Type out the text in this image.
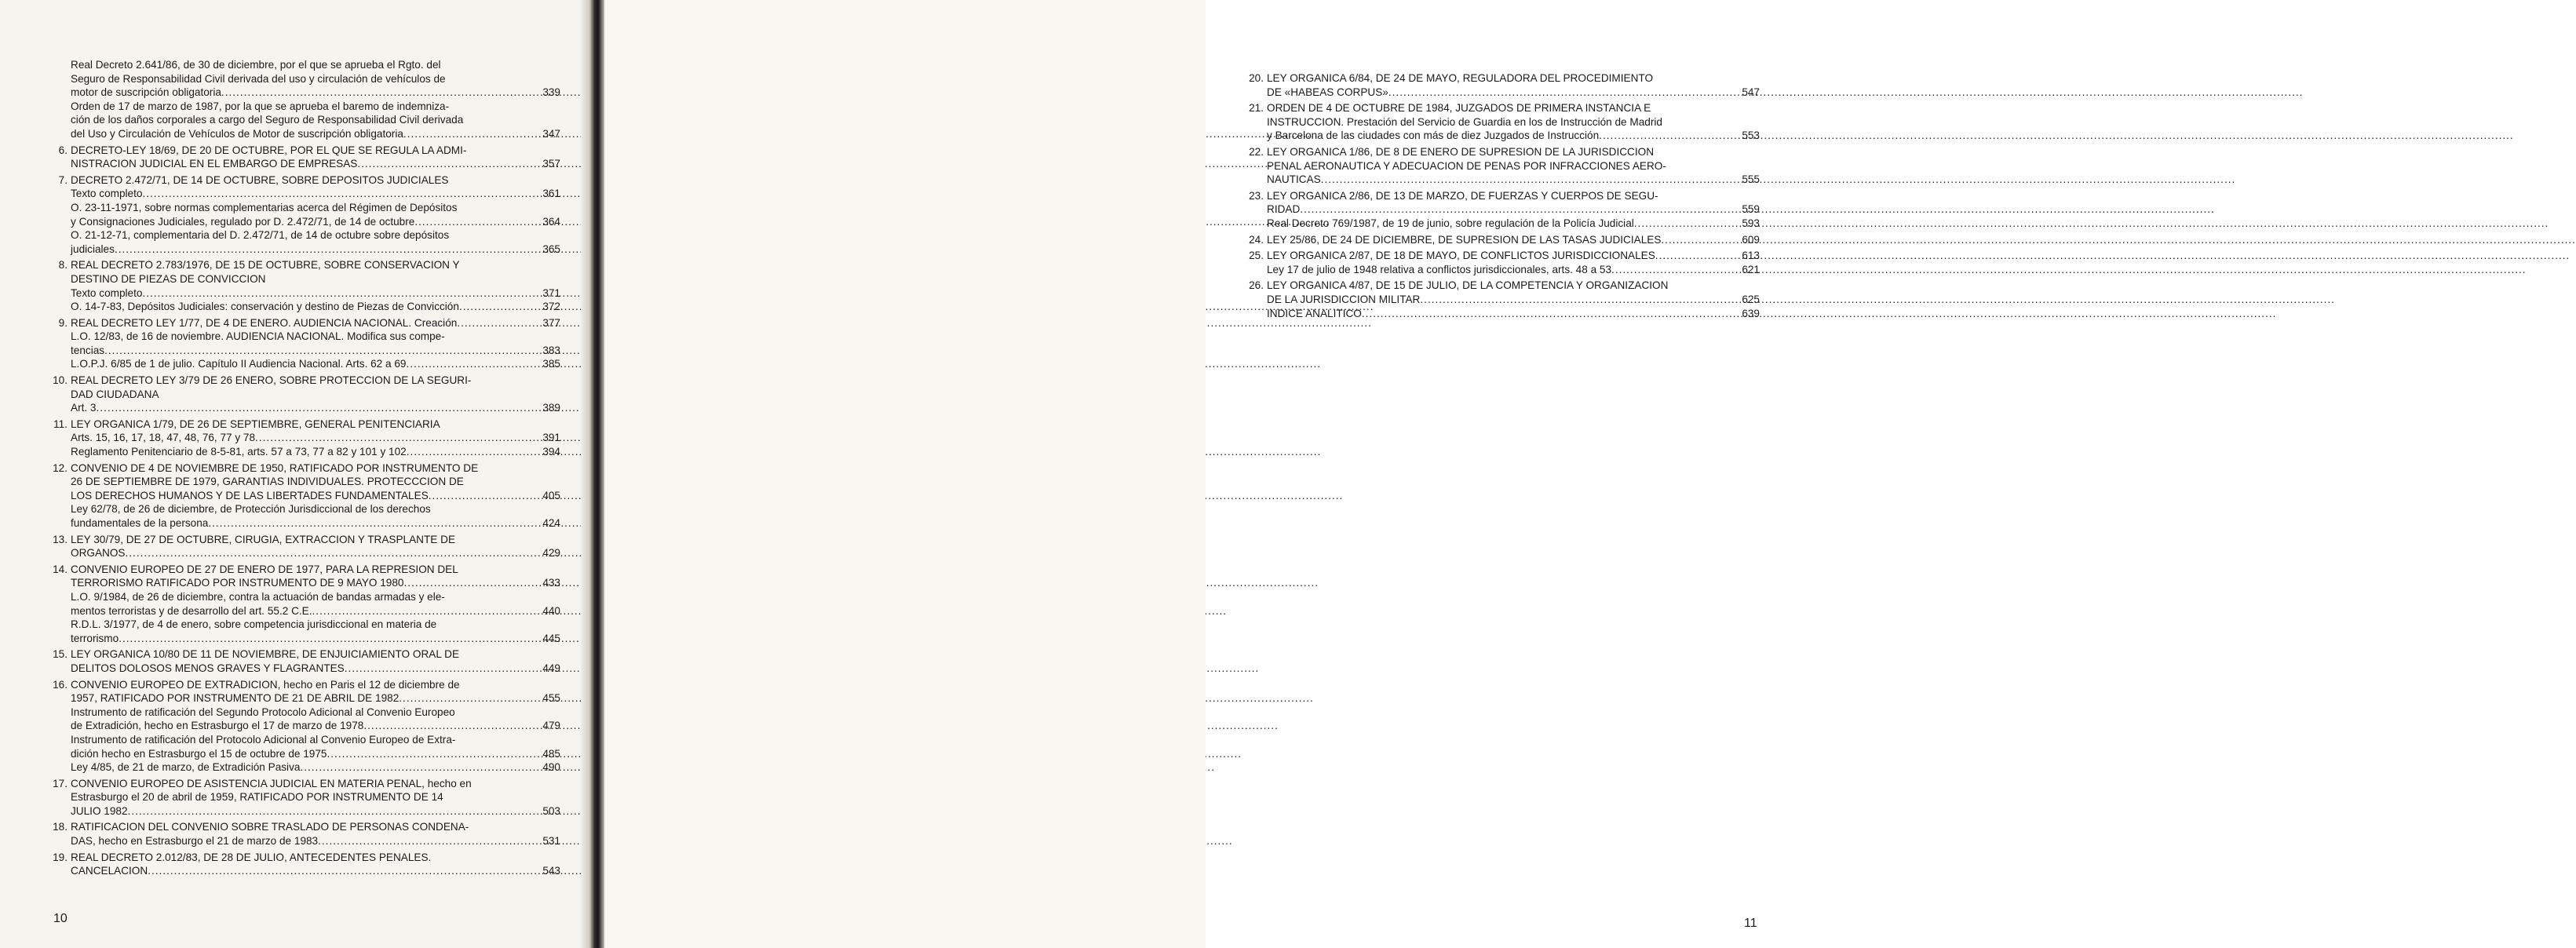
Real Decreto 2.641/86, de 30 de diciembre, por el que se aprueba el Rgto. del
Seguro de Responsabilidad Civil derivada del uso y circulación de vehículos de
motor de suscripción obligatoria .....	339
Orden de 17 de marzo de 1987, por la que se aprueba el baremo de indemniza-
ción de los daños corporales a cargo del Seguro de Responsabilidad Civil derivada
del Uso y Circulación de Vehículos de Motor de suscripción obligatoria .....	347
6. DECRETO-LEY 18/69, DE 20 DE OCTUBRE, POR EL QUE SE REGULA LA ADMI-
NISTRACION JUDICIAL EN EL EMBARGO DE EMPRESAS .....	357
7. DECRETO 2.472/71, DE 14 DE OCTUBRE, SOBRE DEPOSITOS JUDICIALES
Texto completo .....	361
O. 23-11-1971, sobre normas complementarias acerca del Régimen de Depósitos
y Consignaciones Judiciales, regulado por D. 2.472/71, de 14 de octubre .....	364
O. 21-12-71, complementaria del D. 2.472/71, de 14 de octubre sobre depósitos
judiciales .....	365
8. REAL DECRETO 2.783/1976, DE 15 DE OCTUBRE, SOBRE CONSERVACION Y
DESTINO DE PIEZAS DE CONVICCION
Texto completo .....	371
O. 14-7-83, Depósitos Judiciales: conservación y destino de Piezas de Convicción .....	372
9. REAL DECRETO LEY 1/77, DE 4 DE ENERO. AUDIENCIA NACIONAL. Creación .....	377
L.O. 12/83, de 16 de noviembre. AUDIENCIA NACIONAL. Modifica sus compe-
tencias .....	383
L.O.P.J. 6/85 de 1 de julio. Capítulo II Audiencia Nacional. Arts. 62 a 69 .....	385
10. REAL DECRETO LEY 3/79 DE 26 ENERO, SOBRE PROTECCION DE LA SEGURI-
DAD CIUDADANA
Art. 3 .....	389
11. LEY ORGANICA 1/79, DE 26 DE SEPTIEMBRE, GENERAL PENITENCIARIA
Arts. 15, 16, 17, 18, 47, 48, 76, 77 y 78 .....	391
Reglamento Penitenciario de 8-5-81, arts. 57 a 73, 77 a 82 y 101 y 102 .....	394
12. CONVENIO DE 4 DE NOVIEMBRE DE 1950, RATIFICADO POR INSTRUMENTO DE
26 DE SEPTIEMBRE DE 1979, GARANTIAS INDIVIDUALES. PROTECCCION DE
LOS DERECHOS HUMANOS Y DE LAS LIBERTADES FUNDAMENTALES .....	405
Ley 62/78, de 26 de diciembre, de Protección Jurisdiccional de los derechos
fundamentales de la persona .....	424
13. LEY 30/79, DE 27 DE OCTUBRE, CIRUGIA, EXTRACCION Y TRASPLANTE DE
ORGANOS .....	429
14. CONVENIO EUROPEO DE 27 DE ENERO DE 1977, PARA LA REPRESION DEL
TERRORISMO RATIFICADO POR INSTRUMENTO DE 9 MAYO 1980 .....	433
L.O. 9/1984, de 26 de diciembre, contra la actuación de bandas armadas y ele-
mentos terroristas y de desarrollo del art. 55.2 C.E. .....	440
R.D.L. 3/1977, de 4 de enero, sobre competencia jurisdiccional en materia de
terrorismo .....	445
15. LEY ORGANICA 10/80 DE 11 DE NOVIEMBRE, DE ENJUICIAMIENTO ORAL DE
DELITOS DOLOSOS MENOS GRAVES Y FLAGRANTES .....	449
16. CONVENIO EUROPEO DE EXTRADICION, hecho en Paris el 12 de diciembre de
1957, RATIFICADO POR INSTRUMENTO DE 21 DE ABRIL DE 1982 .....	455
Instrumento de ratificación del Segundo Protocolo Adicional al Convenio Europeo
de Extradición, hecho en Estrasburgo el 17 de marzo de 1978 .....	479
Instrumento de ratificación del Protocolo Adicional al Convenio Europeo de Extra-
dición hecho en Estrasburgo el 15 de octubre de 1975 .....	485
Ley 4/85, de 21 de marzo, de Extradición Pasiva .....	490
17. CONVENIO EUROPEO DE ASISTENCIA JUDICIAL EN MATERIA PENAL, hecho en
Estrasburgo el 20 de abril de 1959, RATIFICADO POR INSTRUMENTO DE 14
JULIO 1982 .....	503
18. RATIFICACION DEL CONVENIO SOBRE TRASLADO DE PERSONAS CONDENA-
DAS, hecho en Estrasburgo el 21 de marzo de 1983 .....	531
19. REAL DECRETO 2.012/83, DE 28 DE JULIO, ANTECEDENTES PENALES.
CANCELACION .....	543
10
20. LEY ORGANICA 6/84, DE 24 DE MAYO, REGULADORA DEL PROCEDIMIENTO
DE «HABEAS CORPUS» .....	547
21. ORDEN DE 4 DE OCTUBRE DE 1984, JUZGADOS DE PRIMERA INSTANCIA E
INSTRUCCION. Prestación del Servicio de Guardia en los de Instrucción de Madrid
y Barcelona de las ciudades con más de diez Juzgados de Instrucción .....	553
22. LEY ORGANICA 1/86, DE 8 DE ENERO DE SUPRESION DE LA JURISDICCION
PENAL AERONAUTICA Y ADECUACION DE PENAS POR INFRACCIONES AERO-
NAUTICAS .....	555
23. LEY ORGANICA 2/86, DE 13 DE MARZO, DE FUERZAS Y CUERPOS DE SEGU-
RIDAD .....	559
Real Decreto 769/1987, de 19 de junio, sobre regulación de la Policía Judicial .....	593
24. LEY 25/86, DE 24 DE DICIEMBRE, DE SUPRESION DE LAS TASAS JUDICIALES .....	609
25. LEY ORGANICA 2/87, DE 18 DE MAYO, DE CONFLICTOS JURISDICCIONALES .....	613
Ley 17 de julio de 1948 relativa a conflictos jurisdiccionales, arts. 48 a 53 .....	621
26. LEY ORGANICA 4/87, DE 15 DE JULIO, DE LA COMPETENCIA Y ORGANIZACION
DE LA JURISDICCION MILITAR .....	625
INDICE ANALITICO .....	639
11
